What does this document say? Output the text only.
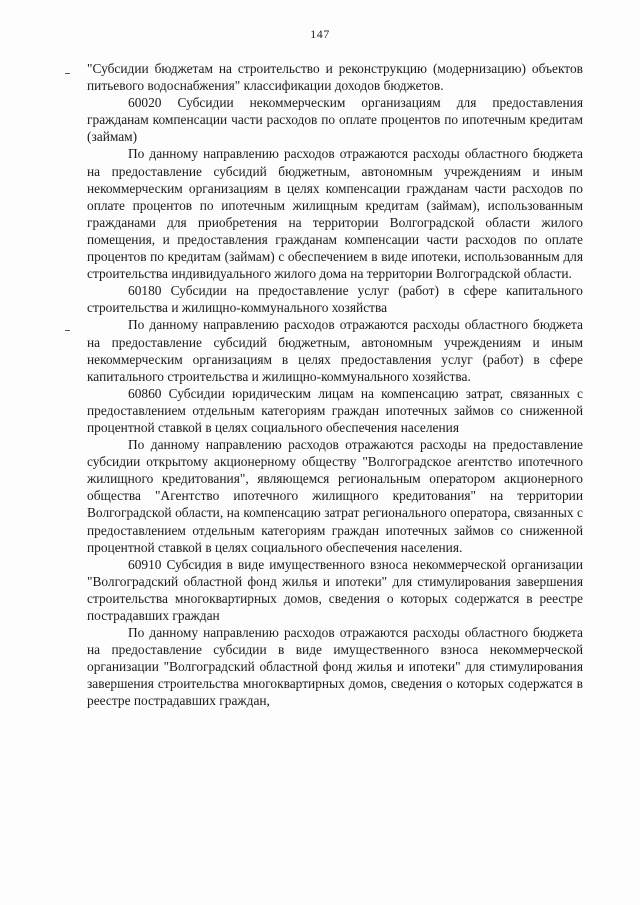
147

"Субсидии бюджетам на строительство и реконструкцию (модернизацию) объектов питьевого водоснабжения" классификации доходов бюджетов.

60020 Субсидии некоммерческим организациям для предоставления гражданам компенсации части расходов по оплате процентов по ипотечным кредитам (займам)

По данному направлению расходов отражаются расходы областного бюджета на предоставление субсидий бюджетным, автономным учреждениям и иным некоммерческим организациям в целях компенсации гражданам части расходов по оплате процентов по ипотечным жилищным кредитам (займам), использованным гражданами для приобретения на территории Волгоградской области жилого помещения, и предоставления гражданам компенсации части расходов по оплате процентов по кредитам (займам) с обеспечением в виде ипотеки, использованным для строительства индивидуального жилого дома на территории Волгоградской области.

60180 Субсидии на предоставление услуг (работ) в сфере капитального строительства и жилищно-коммунального хозяйства

По данному направлению расходов отражаются расходы областного бюджета на предоставление субсидий бюджетным, автономным учреждениям и иным некоммерческим организациям в целях предоставления услуг (работ) в сфере капитального строительства и жилищно-коммунального хозяйства.

60860 Субсидии юридическим лицам на компенсацию затрат, связанных с предоставлением отдельным категориям граждан ипотечных займов со сниженной процентной ставкой в целях социального обеспечения населения

По данному направлению расходов отражаются расходы на предоставление субсидии открытому акционерному обществу "Волгоградское агентство ипотечного жилищного кредитования", являющемся региональным оператором акционерного общества "Агентство ипотечного жилищного кредитования" на территории Волгоградской области, на компенсацию затрат регионального оператора, связанных с предоставлением отдельным категориям граждан ипотечных займов со сниженной процентной ставкой в целях социального обеспечения населения.

60910 Субсидия в виде имущественного взноса некоммерческой организации "Волгоградский областной фонд жилья и ипотеки" для стимулирования завершения строительства многоквартирных домов, сведения о которых содержатся в реестре пострадавших граждан

По данному направлению расходов отражаются расходы областного бюджета на предоставление субсидии в виде имущественного взноса некоммерческой организации "Волгоградский областной фонд жилья и ипотеки" для стимулирования завершения строительства многоквартирных домов, сведения о которых содержатся в реестре пострадавших граждан,
